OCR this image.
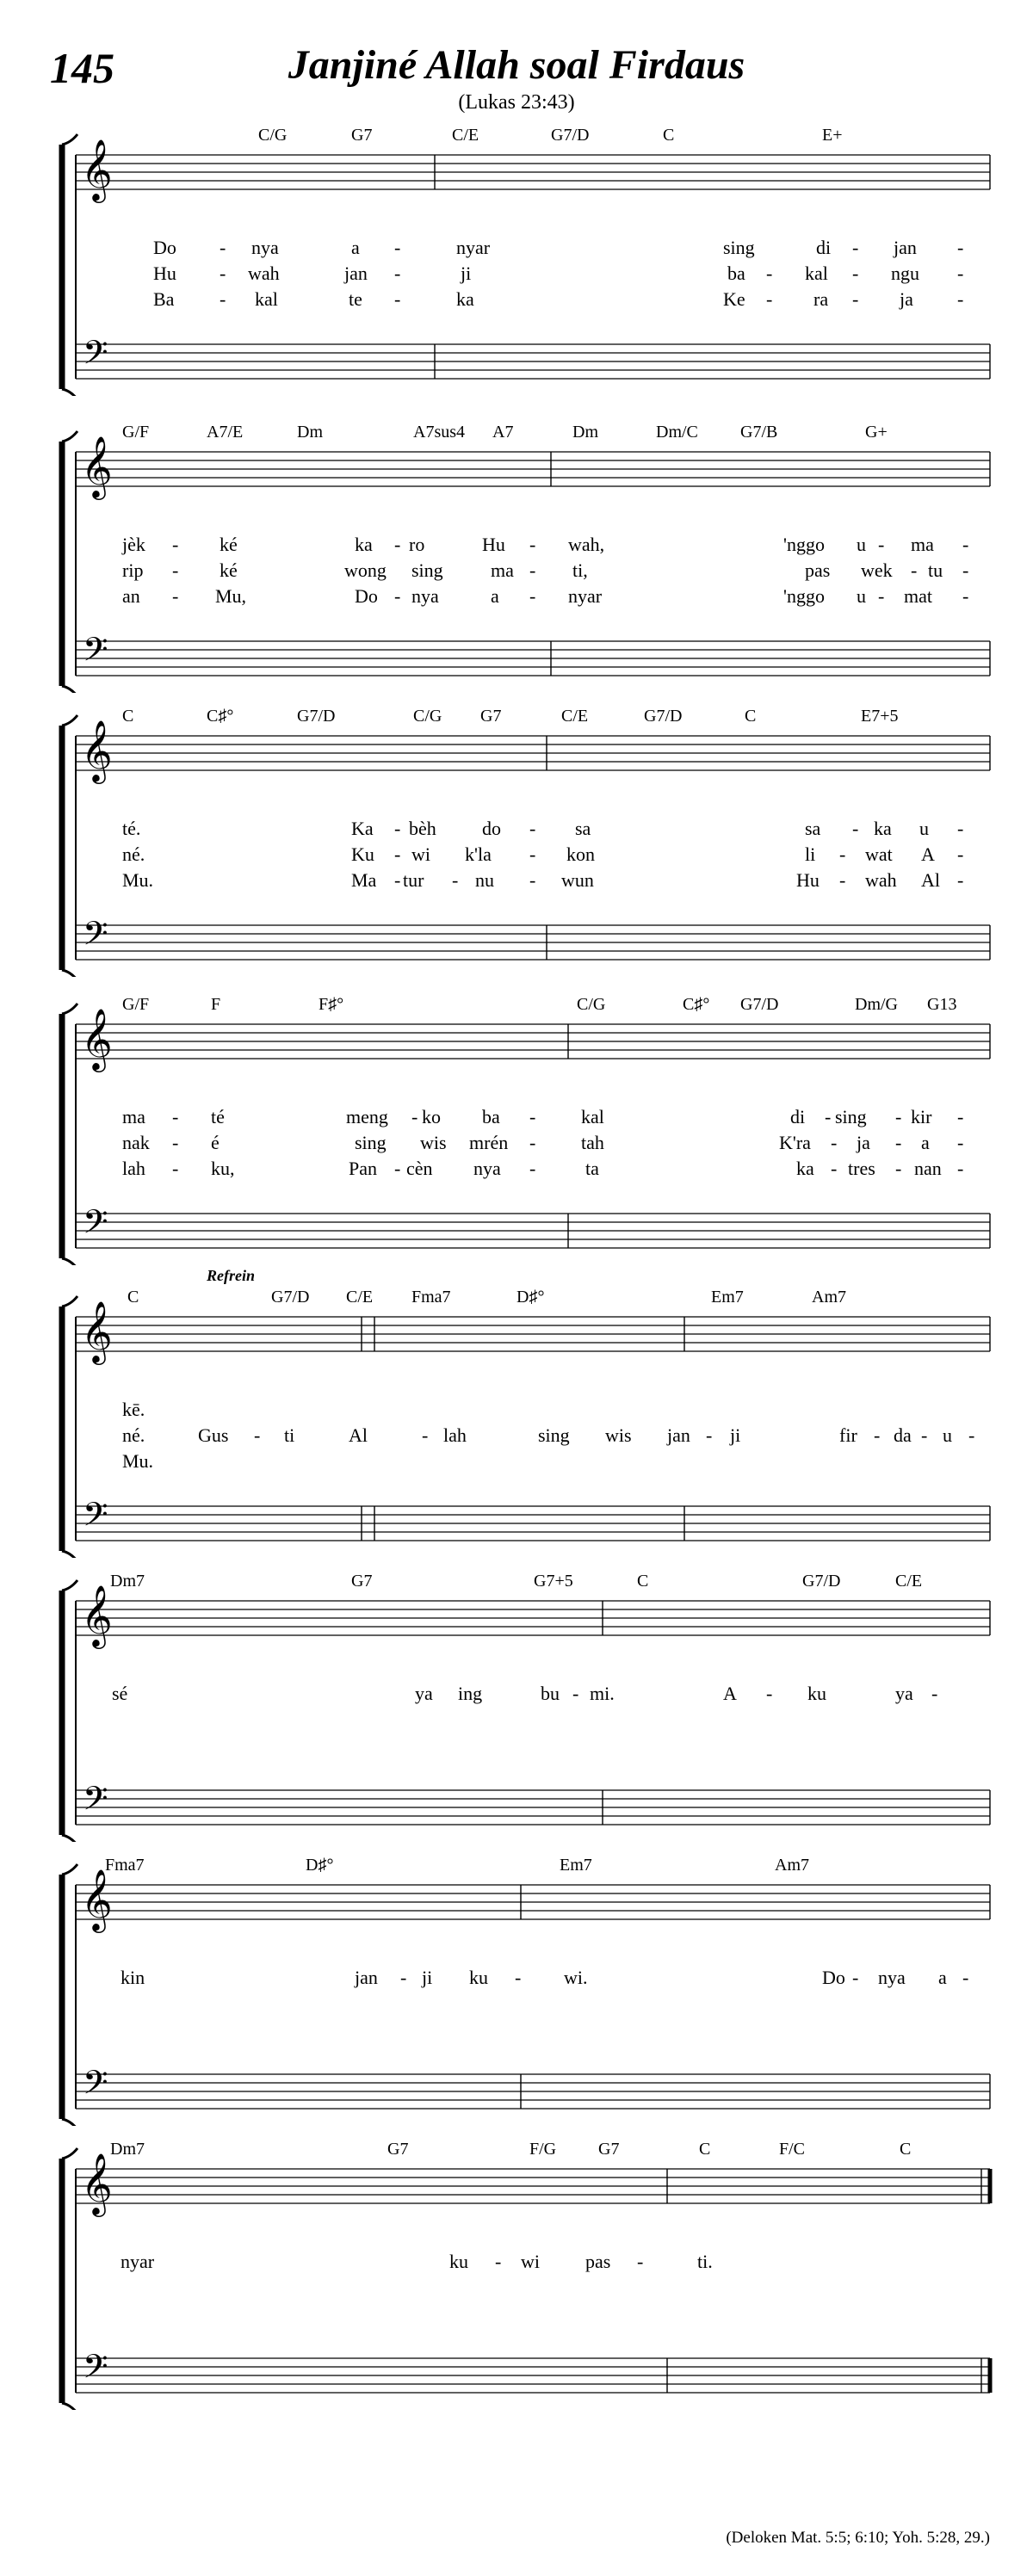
145	Janjiné Allah soal Firdaus
(Lukas 23:43)
𝄞
𝄢
C/G	G7	C/E	G7/D	C	E+
Do - nya	a -	nyar	sing	di - jan -
Hu - wah	jan -	ji	ba - kal - ngu -
Ba - kal	te -	ka	Ke - ra - ja -
𝄞
𝄢
G/F	A7/E	Dm	A7sus4 A7	Dm	Dm/C G7/B	G+
jèk - ké	ka - ro	Hu - wah,	'nggo u - ma -
rip - ké	wong sing	ma - ti,	pas wek - tu -
an - Mu,	Do - nya	a - nyar	'nggo u - mat -
𝄞
𝄢
C	C♯°	G7/D	C/G G7	C/E	G7/D	C	E7+5
té.	Ka - bèh do - sa	sa - ka u -
né.	Ku - wi k'la - kon	li - wat A -
Mu.	Ma - tur - nu - wun	Hu - wah Al -
𝄞
𝄢
G/F	F	F♯°	C/G	C♯° G7/D	Dm/G G13
ma - té	meng - ko ba - kal	di - sing - kir -
nak - é	sing wis mrén - tah	K'ra - ja - a -
lah - ku,	Pan - cèn nya -	ta	ka - tres - nan -
𝄞
𝄢
C	G7/D C/E Fma7	D♯°	Em7	Am7
Refrein
kē.
né.	Gus - ti	Al	- lah	sing wis jan - ji	fir - da - u -
Mu.
𝄞
𝄢
Dm7	G7	G7+5	C	G7/D	C/E
sé	ya ing	bu - mi.	A - ku	ya -
𝄞
𝄢
Fma7	D♯°	Em7	Am7
kin	jan - ji ku - wi.	Do - nya a -
𝄞
𝄢
Dm7	G7	F/G G7	C	F/C	C
nyar	ku - wi pas -	ti.
(Deloken Mat. 5:5; 6:10; Yoh. 5:28, 29.)
